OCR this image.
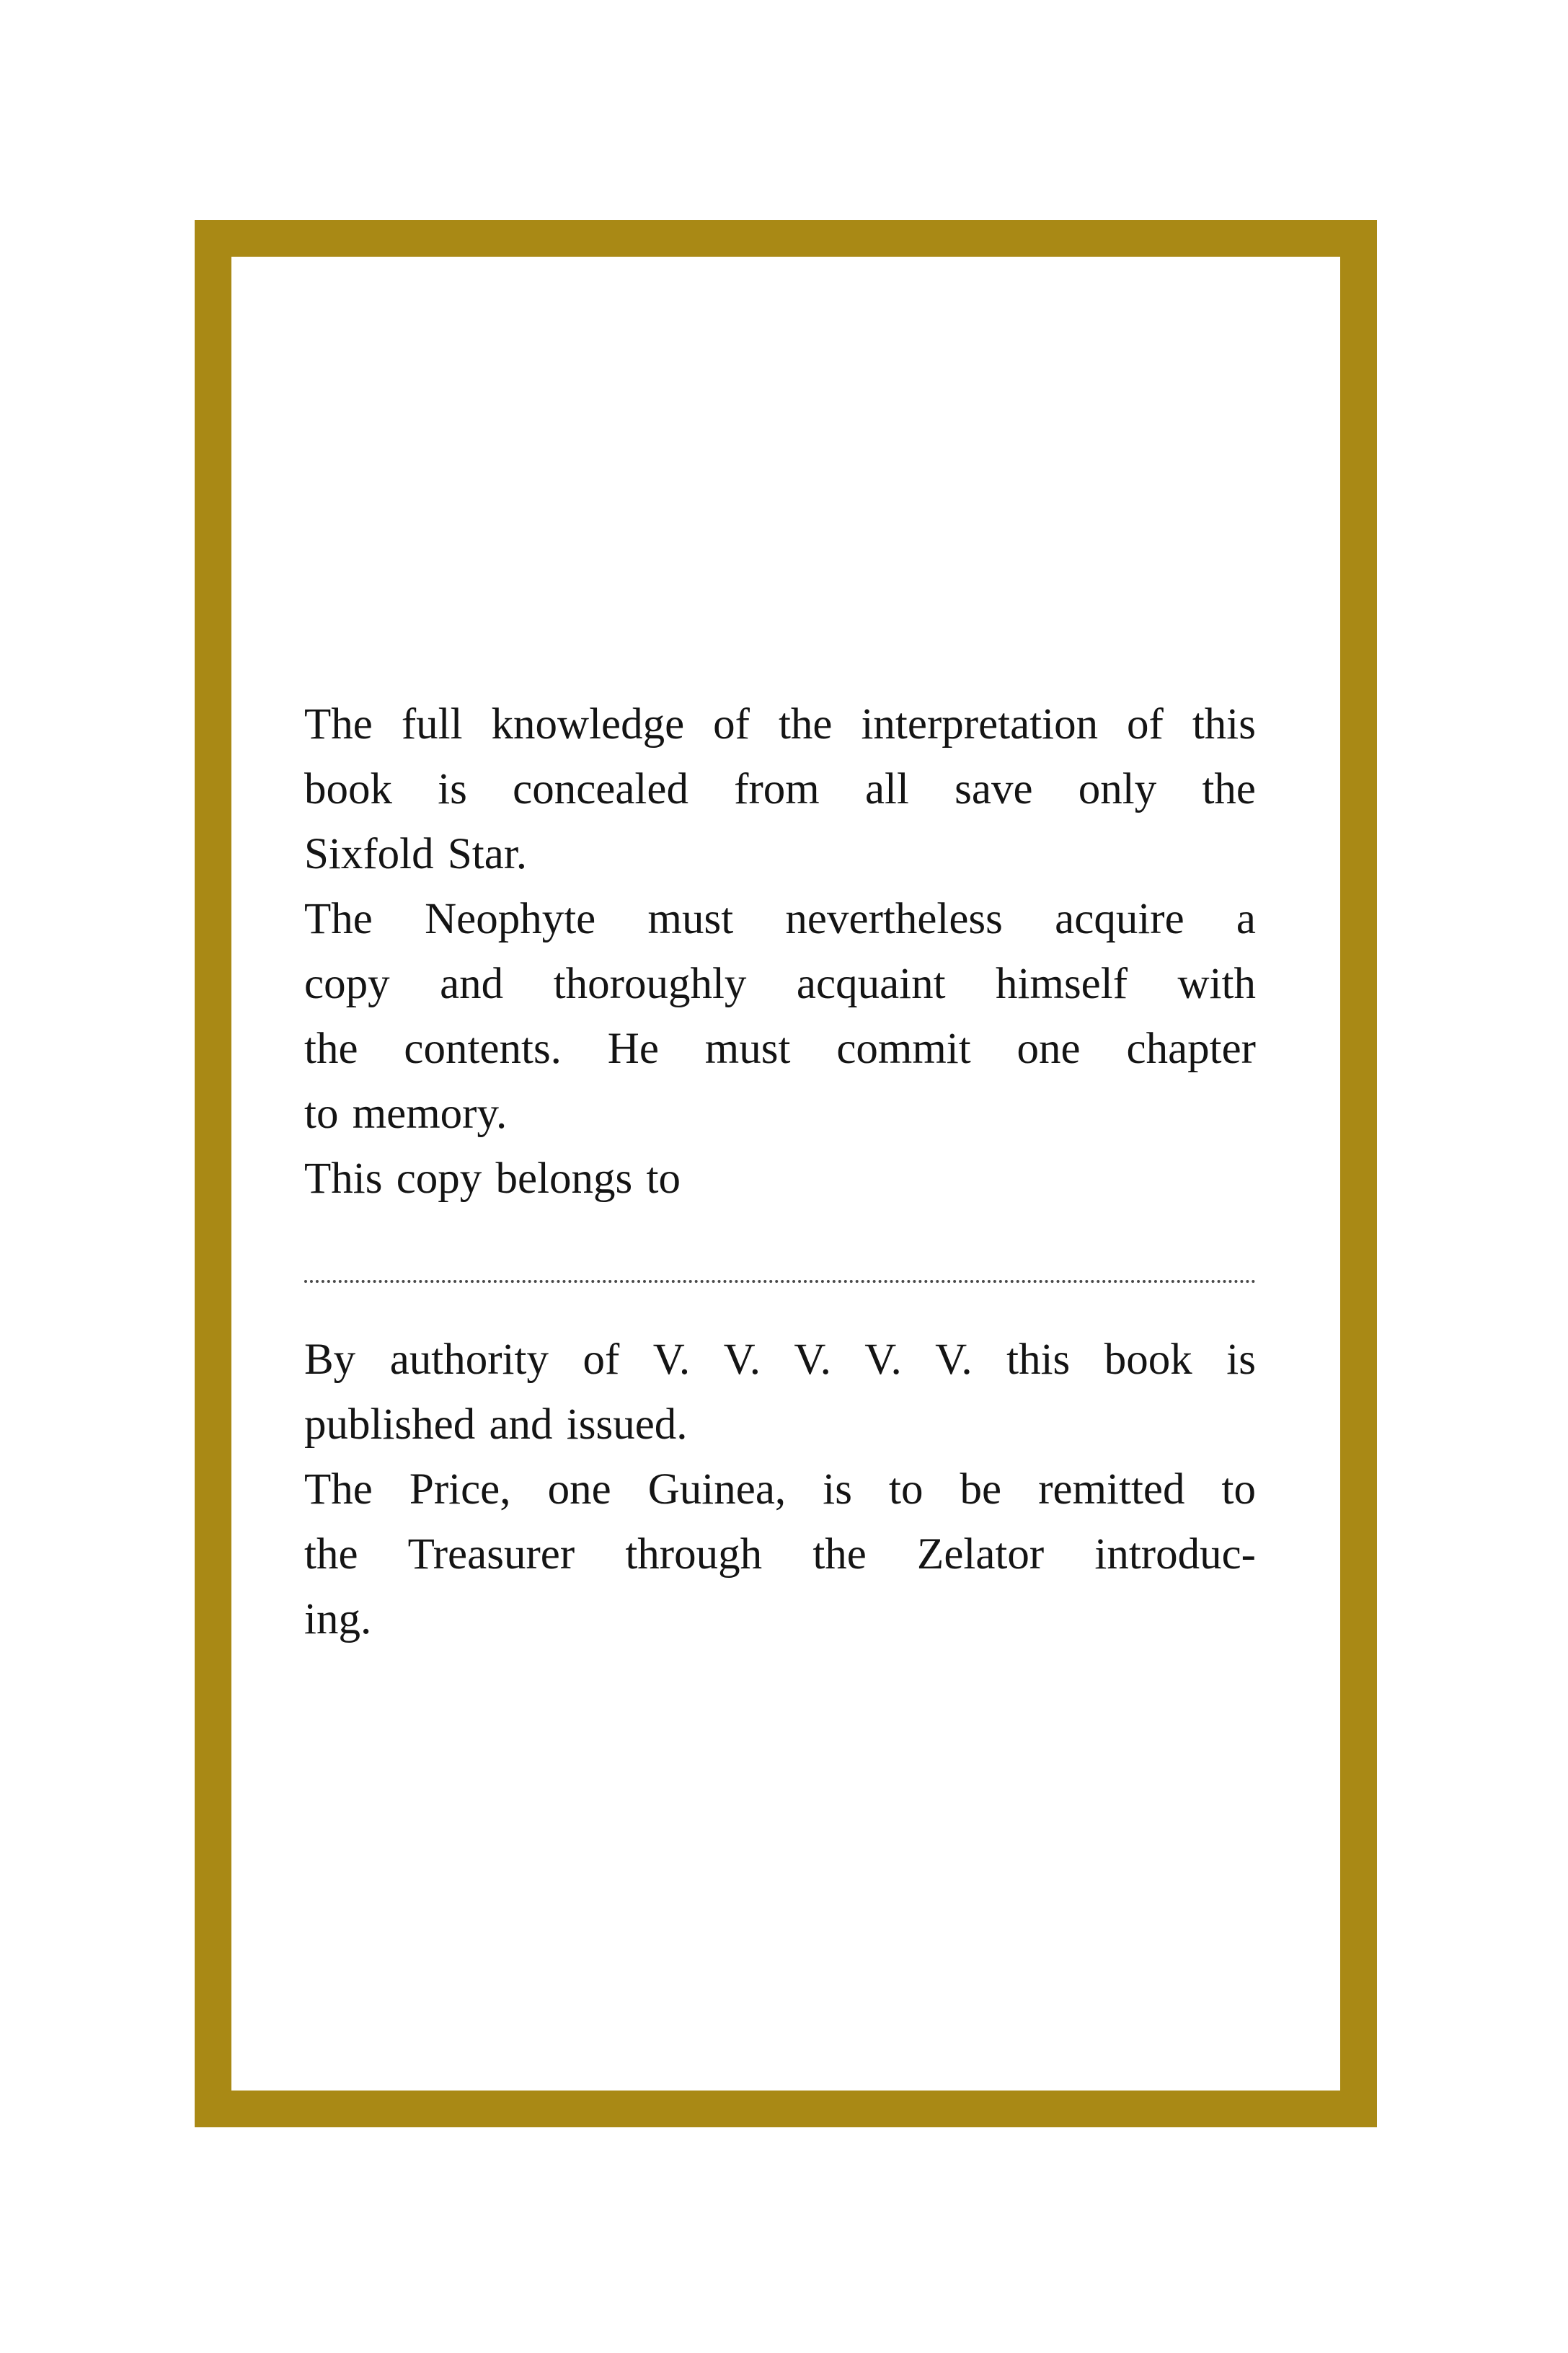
The full knowledge of the interpretation of this
book is concealed from all save only the
Sixfold Star.

The Neophyte must nevertheless acquire a
copy and thoroughly acquaint himself with
the contents. He must commit one chapter
to memory.

This copy belongs to

By authority of V. V. V. V. V. this book is
published and issued.

The Price, one Guinea, is to be remitted to
the Treasurer through the Zelator introduc-
ing.
